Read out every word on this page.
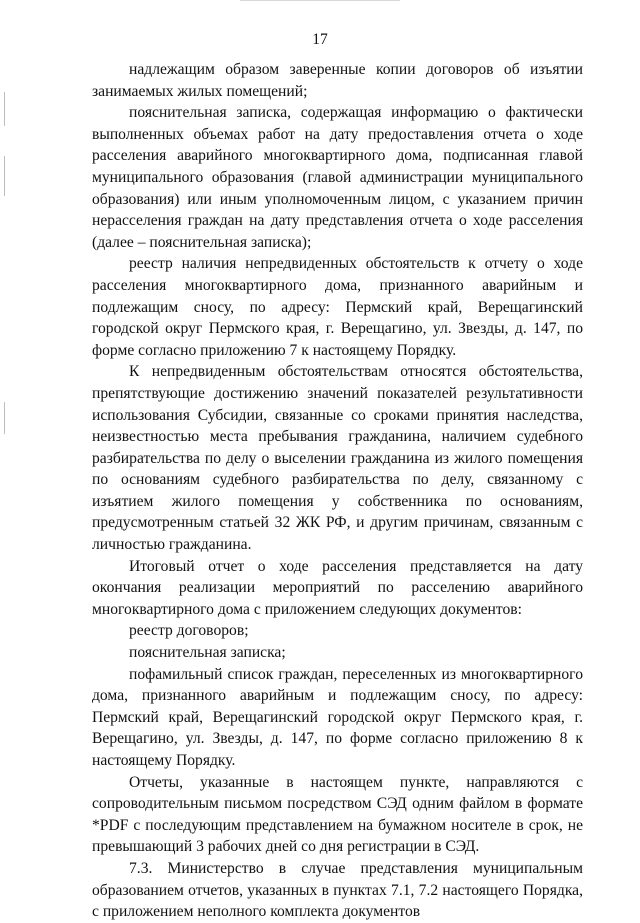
17

надлежащим образом заверенные копии договоров об изъятии занимаемых жилых помещений;

пояснительная записка, содержащая информацию о фактически выполненных объемах работ на дату предоставления отчета о ходе расселения аварийного многоквартирного дома, подписанная главой муниципального образования (главой администрации муниципального образования) или иным уполномоченным лицом, с указанием причин нерасселения граждан на дату представления отчета о ходе расселения (далее – пояснительная записка);

реестр наличия непредвиденных обстоятельств к отчету о ходе расселения многоквартирного дома, признанного аварийным и подлежащим сносу, по адресу: Пермский край, Верещагинский городской округ Пермского края, г. Верещагино, ул. Звезды, д. 147, по форме согласно приложению 7 к настоящему Порядку.

К непредвиденным обстоятельствам относятся обстоятельства, препятствующие достижению значений показателей результативности использования Субсидии, связанные со сроками принятия наследства, неизвестностью места пребывания гражданина, наличием судебного разбирательства по делу о выселении гражданина из жилого помещения по основаниям судебного разбирательства по делу, связанному с изъятием жилого помещения у собственника по основаниям, предусмотренным статьей 32 ЖК РФ, и другим причинам, связанным с личностью гражданина.

Итоговый отчет о ходе расселения представляется на дату окончания реализации мероприятий по расселению аварийного многоквартирного дома с приложением следующих документов:

реестр договоров;

пояснительная записка;

пофамильный список граждан, переселенных из многоквартирного дома, признанного аварийным и подлежащим сносу, по адресу: Пермский край, Верещагинский городской округ Пермского края, г. Верещагино, ул. Звезды, д. 147, по форме согласно приложению 8 к настоящему Порядку.

Отчеты, указанные в настоящем пункте, направляются с сопроводительным письмом посредством СЭД одним файлом в формате *PDF с последующим представлением на бумажном носителе в срок, не превышающий 3 рабочих дней со дня регистрации в СЭД.

7.3. Министерство в случае представления муниципальным образованием отчетов, указанных в пунктах 7.1, 7.2 настоящего Порядка, с приложением неполного комплекта документов
